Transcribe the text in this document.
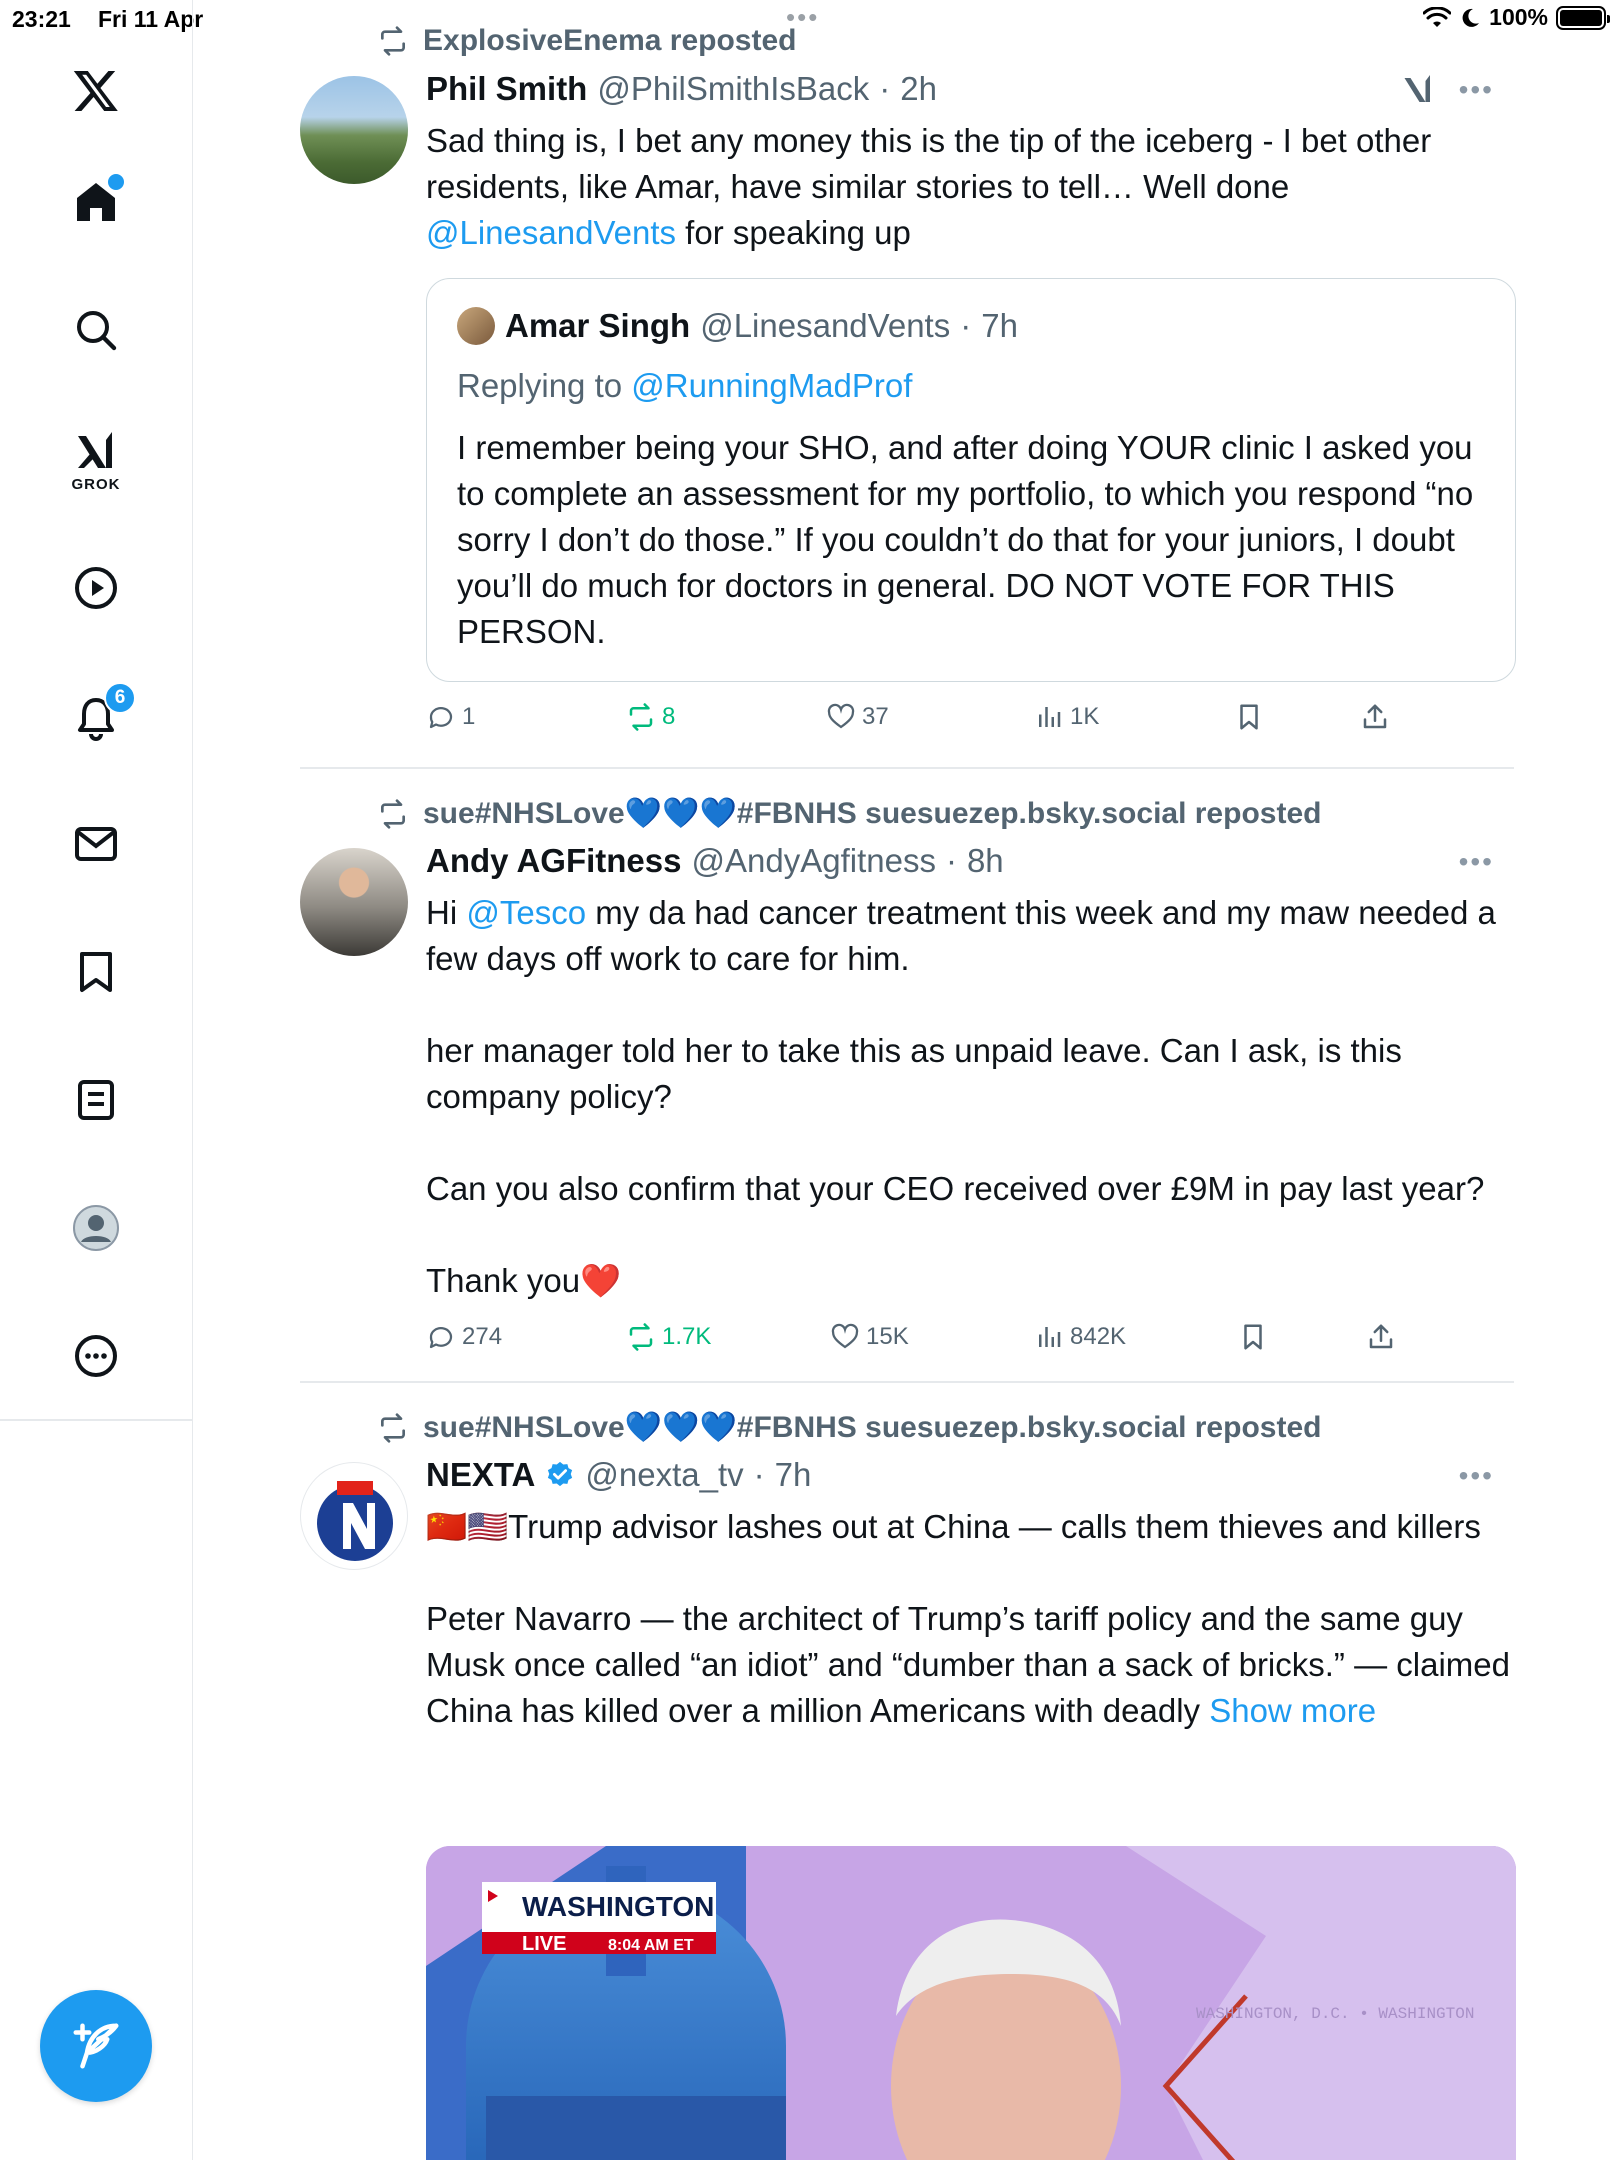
23:21 Fri 11 Apr	•••	100%
GROK
6
ExplosiveEnema reposted
Phil Smith @PhilSmithIsBack · 2h	•••
Sad thing is, I bet any money this is the tip of the iceberg - I bet other residents, like Amar, have similar stories to tell… Well done @LinesandVents for speaking up
Amar Singh @LinesandVents · 7h
Replying to @RunningMadProf
I remember being your SHO, and after doing YOUR clinic I asked you to complete an assessment for my portfolio, to which you respond “no sorry I don’t do those.” If you couldn’t do that for your juniors, I doubt you’ll do much for doctors in general. DO NOT VOTE FOR THIS PERSON.
1	8	37	1K
sue#NHSLove💙💙💙#FBNHS suesuezep.bsky.social reposted
Andy AGFitness @AndyAgfitness · 8h	•••

Hi @Tesco my da had cancer treatment this week and my maw needed a few days off work to care for him.

her manager told her to take this as unpaid leave. Can I ask, is this company policy?

Can you also confirm that your CEO received over £9M in pay last year?

Thank you❤️

274	1.7K	15K	842K
sue#NHSLove💙💙💙#FBNHS suesuezep.bsky.social reposted
NEXTA @nexta_tv · 7h	•••

🇨🇳🇺🇸Trump advisor lashes out at China — calls them thieves and killers

Peter Navarro — the architect of Trump’s tariff policy and the same guy Musk once called “an idiot” and “dumber than a sack of bricks.” — claimed China has killed over a million Americans with deadly Show more

WASHINGTON
LIVE	8:04 AM ET
WASHINGTON, D.C. • WASHINGTON
